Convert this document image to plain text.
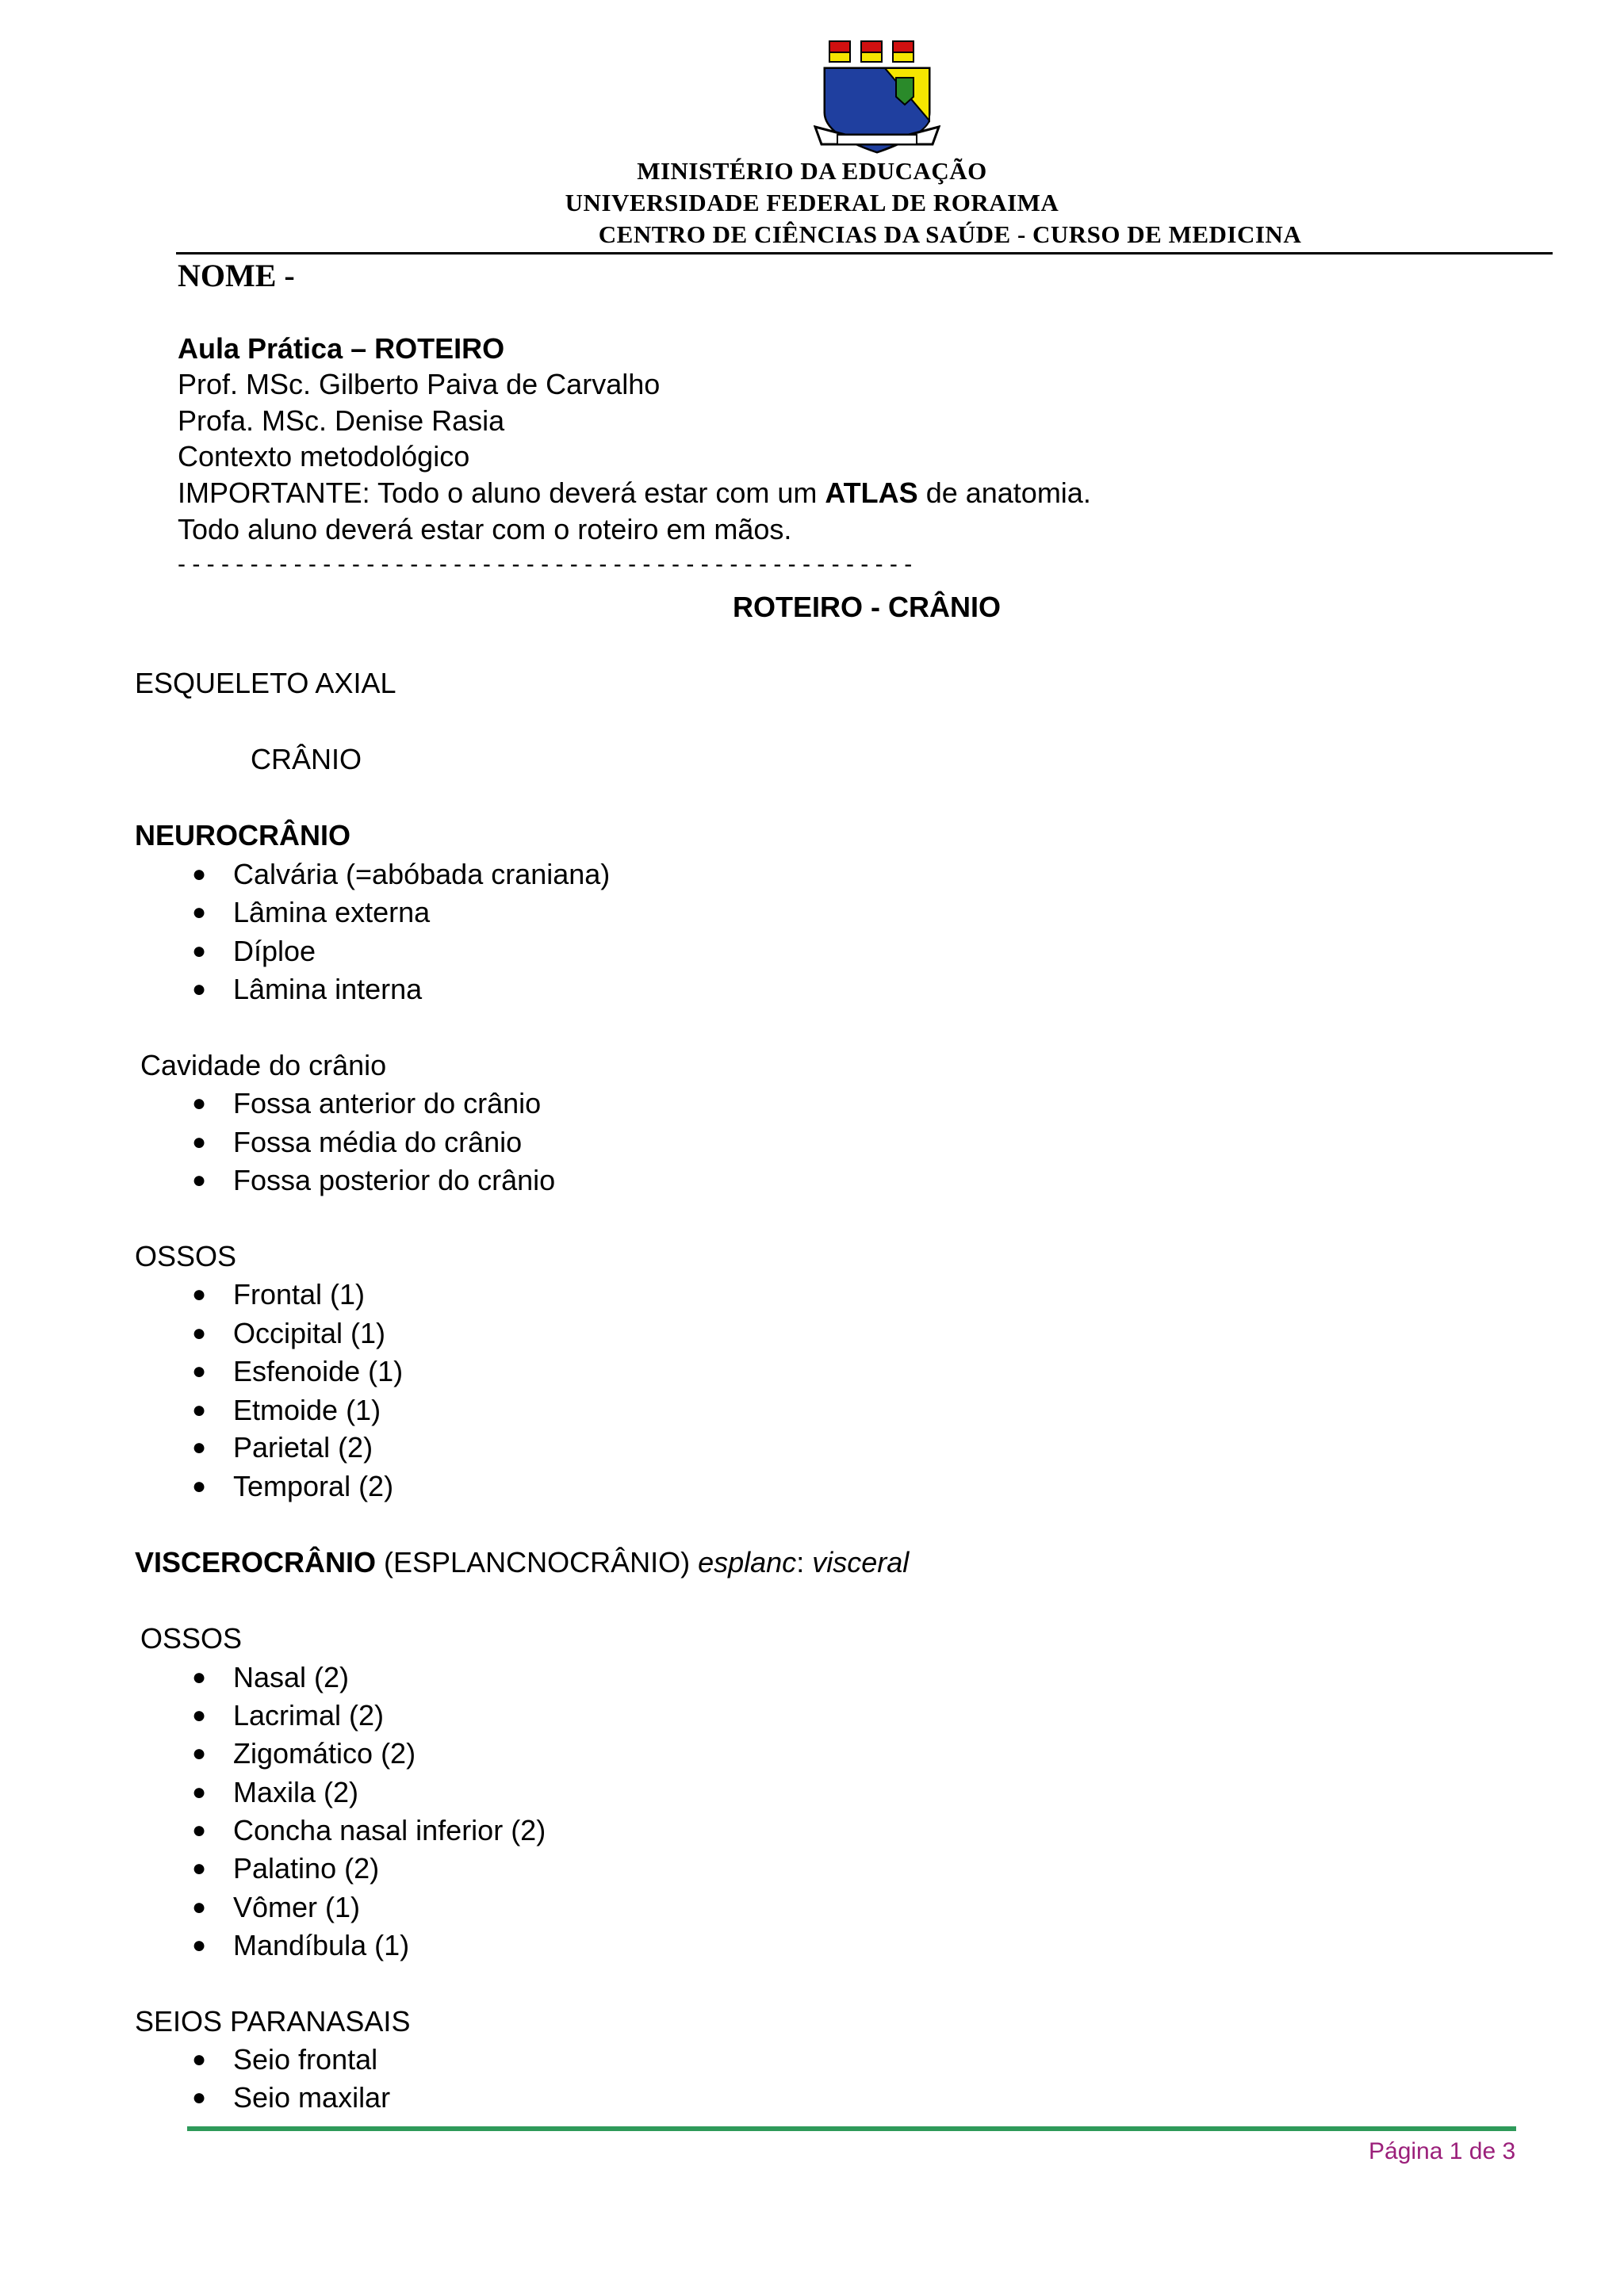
MINISTÉRIO DA EDUCAÇÃO
UNIVERSIDADE FEDERAL DE RORAIMA
CENTRO DE CIÊNCIAS DA SAÚDE - CURSO DE MEDICINA
NOME -
Aula Prática – ROTEIRO
Prof. MSc. Gilberto Paiva de Carvalho
Profa. MSc. Denise Rasia
Contexto metodológico
IMPORTANTE: Todo o aluno deverá estar com um ATLAS de anatomia.
Todo aluno deverá estar com o roteiro em mãos.
- - - - - - - - - - - - - - - - - - - - - - - - - - - - - - - - - - - - - - - - - - - - - - - - - - -
ROTEIRO - CRÂNIO
ESQUELETO AXIAL
CRÂNIO
NEUROCRÂNIO
● Calvária (=abóbada craniana)
● Lâmina externa
● Díploe
● Lâmina interna
Cavidade do crânio
● Fossa anterior do crânio
● Fossa média do crânio
● Fossa posterior do crânio
OSSOS
● Frontal (1)
● Occipital (1)
● Esfenoide (1)
● Etmoide (1)
● Parietal (2)
● Temporal (2)
VISCEROCRÂNIO (ESPLANCNOCRÂNIO) esplanc: visceral
OSSOS
● Nasal (2)
● Lacrimal (2)
● Zigomático (2)
● Maxila (2)
● Concha nasal inferior (2)
● Palatino (2)
● Vômer (1)
● Mandíbula (1)
SEIOS PARANASAIS
● Seio frontal
● Seio maxilar
Página 1 de 3
